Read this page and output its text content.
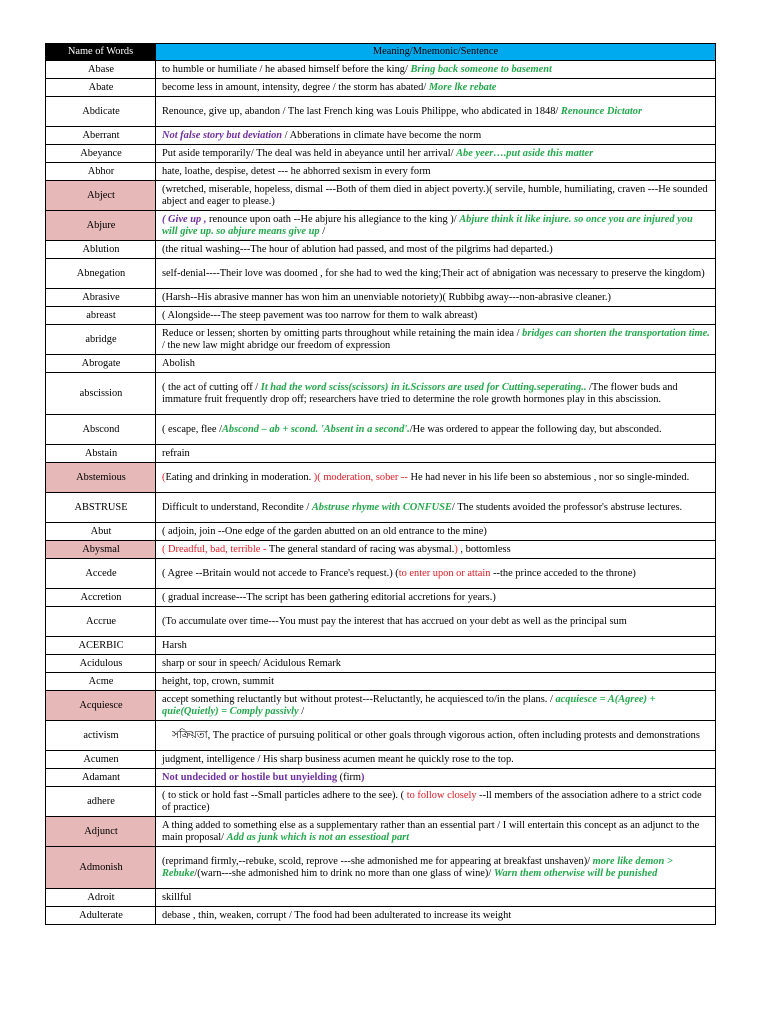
Name of Words	Meaning/Mnemonic/Sentence
Abase	to humble or humiliate / he abased himself before the king/ Bring back someone to basement
Abate	become less in amount, intensity, degree / the storm has abated/ More lke rebate
Abdicate	Renounce, give up, abandon / The last French king was Louis Philippe, who abdicated in 1848/ Renounce Dictator
Aberrant	Not false story but deviation / Abberations in climate have become the norm
Abeyance	Put aside temporarily/ The deal was held in abeyance until her arrival/ Abe yeer….put aside this matter
Abhor	hate, loathe, despise, detest --- he abhorred sexism in every form
Abject	(wretched, miserable, hopeless, dismal ---Both of them died in abject poverty.)( servile, humble, humiliating, craven ---He sounded abject and eager to please.)
Abjure	( Give up , renounce upon oath --He abjure his allegiance to the king )/ Abjure think it like injure. so once you are injured you will give up. so abjure means give up /
Ablution	(the ritual washing---The hour of ablution had passed, and most of the pilgrims had departed.)
Abnegation	self-denial----Their love was doomed , for she had to wed the king;Their act of abnigation was necessary to preserve the kingdom)
Abrasive	(Harsh--His abrasive manner has won him an unenviable notoriety)( Rubbibg away---non-abrasive cleaner.)
abreast	( Alongside---The steep pavement was too narrow for them to walk abreast)
abridge	Reduce or lessen; shorten by omitting parts throughout while retaining the main idea / bridges can shorten the transportation time. / the new law might abridge our freedom of expression
Abrogate	Abolish
abscission	( the act of cutting off / It had the word sciss(scissors) in it.Scissors are used for Cutting.seperating.. /The flower buds and immature fruit frequently drop off; researchers have tried to determine the role growth hormones play in this abscission.
Abscond	( escape, flee /Abscond – ab + scond. 'Absent in a second'./He was ordered to appear the following day, but absconded.
Abstain	refrain
Abstemious	(Eating and drinking in moderation. )( moderation, sober -- He had never in his life been so abstemious , nor so single-minded.
ABSTRUSE	Difficult to understand, Recondite / Abstruse rhyme with CONFUSE/ The students avoided the professor's abstruse lectures.
Abut	( adjoin, join --One edge of the garden abutted on an old entrance to the mine)
Abysmal	( Dreadful, bad, terrible - The general standard of racing was abysmal.) , bottomless
Accede	( Agree --Britain would not accede to France's request.) (to enter upon or attain --the prince acceded to the throne)
Accretion	( gradual increase---The script has been gathering editorial accretions for years.)
Accrue	(To accumulate over time---You must pay the interest that has accrued on your debt as well as the principal sum
ACERBIC	Harsh
Acidulous	sharp or sour in speech/ Acidulous Remark
Acme	height, top, crown, summit
Acquiesce	accept something reluctantly but without protest---Reluctantly, he acquiesced to/in the plans. / acquiesce = A(Agree) + quie(Quietly) = Comply passivly /
activism	সক্রিয়তা, The practice of pursuing political or other goals through vigorous action, often including protests and demonstrations
Acumen	judgment, intelligence / His sharp business acumen meant he quickly rose to the top.
Adamant	Not undecided or hostile but unyielding (firm)
adhere	( to stick or hold fast --Small particles adhere to the see). ( to follow closely --ll members of the association adhere to a strict code of practice)
Adjunct	A thing added to something else as a supplementary rather than an essential part / I will entertain this concept as an adjunct to the main proposal/ Add as junk which is not an essestioal part
Admonish	(reprimand firmly,--rebuke, scold, reprove ---she admonished me for appearing at breakfast unshaven)/ more like demon > Rebuke/(warn---she admonished him to drink no more than one glass of wine)/ Warn them otherwise will be punished
Adroit	skillful
Adulterate	debase , thin, weaken, corrupt / The food had been adulterated to increase its weight
